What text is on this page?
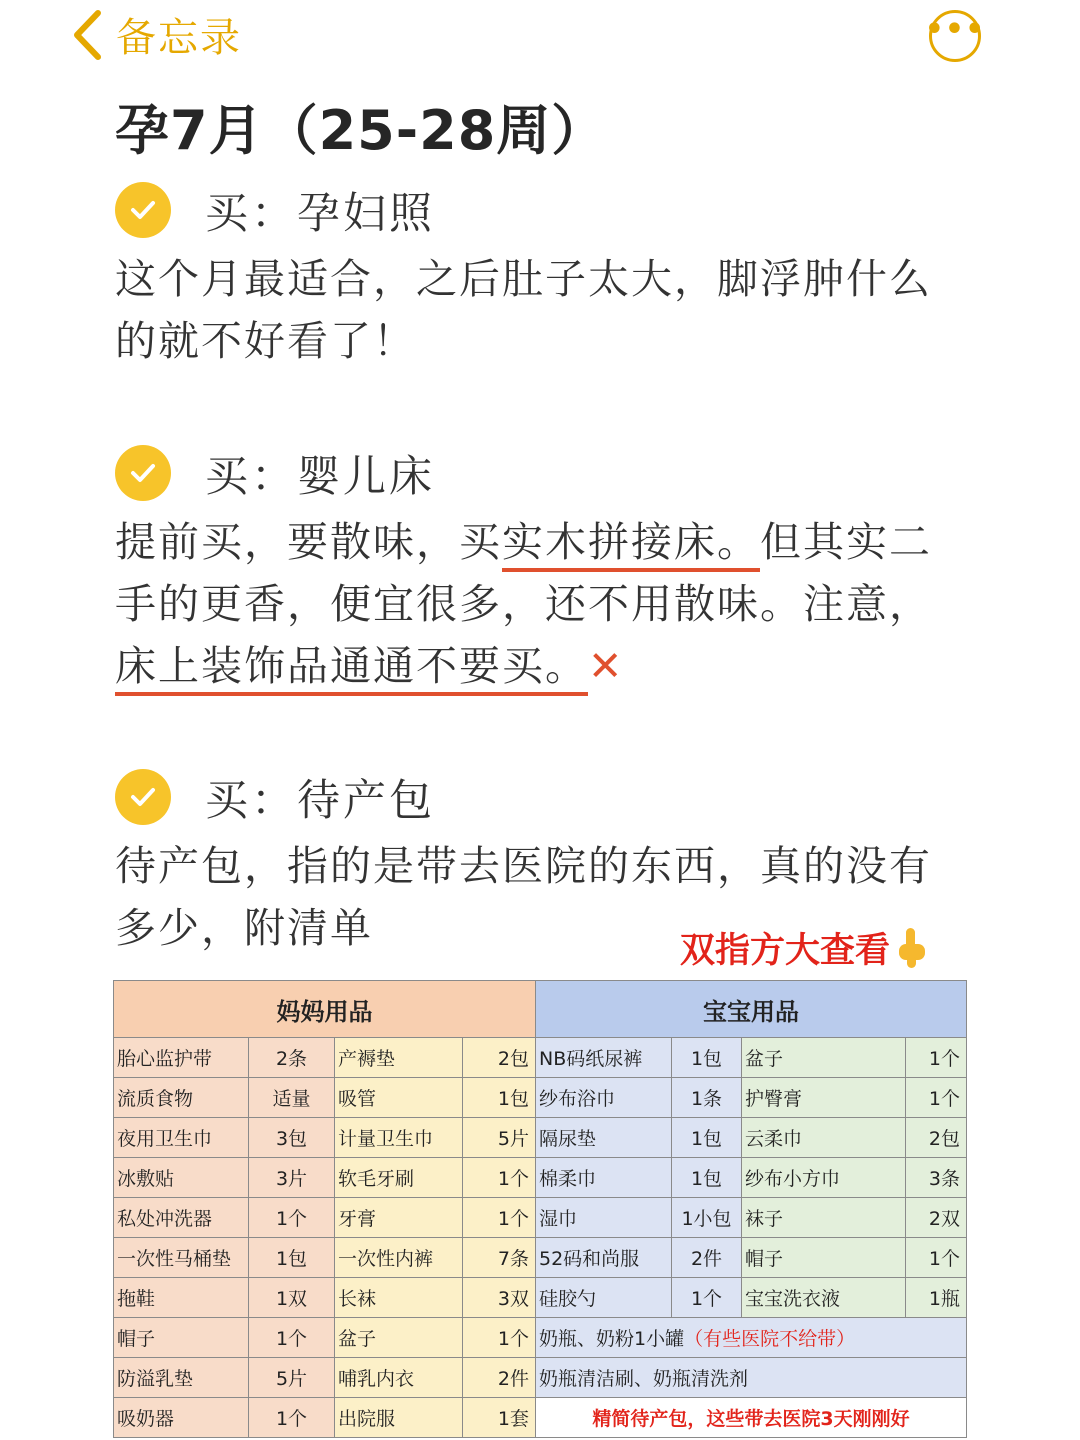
备忘录	•••
孕7月（25-28周）
买：孕妇照
这个月最适合，之后肚子太大，脚浮肿什么的就不好看了！
买：婴儿床
提前买，要散味，买实木拼接床。但其实二手的更香，便宜很多，还不用散味。注意，床上装饰品通通不要买。✕
买：待产包
待产包，指的是带去医院的东西，真的没有多少，附清单	双指方大查看
妈妈用品				宝宝用品			
胎心监护带	2条	产褥垫	2包	NB码纸尿裤	1包	盆子	1个
流质食物	适量	吸管	1包	纱布浴巾	1条	护臀膏	1个
夜用卫生巾	3包	计量卫生巾	5片	隔尿垫	1包	云柔巾	2包
冰敷贴	3片	软毛牙刷	1个	棉柔巾	1包	纱布小方巾	3条
私处冲洗器	1个	牙膏	1个	湿巾	1小包	袜子	2双
一次性马桶垫	1包	一次性内裤	7条	52码和尚服	2件	帽子	1个
拖鞋	1双	长袜	3双	硅胶勺	1个	宝宝洗衣液	1瓶
帽子	1个	盆子	1个	奶瓶、奶粉1小罐（有些医院不给带）			
防溢乳垫	5片	哺乳内衣	2件	奶瓶清洁刷、奶瓶清洗剂			
吸奶器	1个	出院服	1套	精简待产包，这些带去医院3天刚刚好			
